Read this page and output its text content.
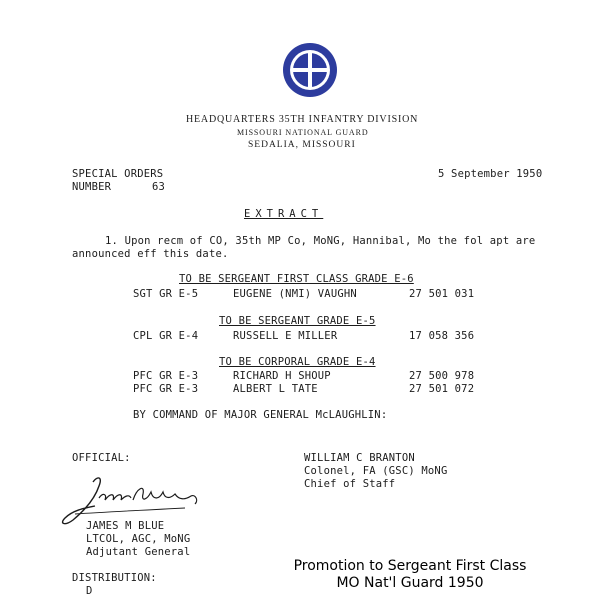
HEADQUARTERS 35TH INFANTRY DIVISION
MISSOURI NATIONAL GUARD
SEDALIA, MISSOURI
SPECIAL ORDERS
NUMBER	63
5 September 1950
EXTRACT
1. Upon recm of CO, 35th MP Co, MoNG, Hannibal, Mo the fol apt are
announced eff this date.
TO BE SERGEANT FIRST CLASS GRADE E-6
SGT GR E-5	EUGENE (NMI) VAUGHN	27 501 031
TO BE SERGEANT GRADE E-5
CPL GR E-4	RUSSELL E MILLER	17 058 356
TO BE CORPORAL GRADE E-4
PFC GR E-3	RICHARD H SHOUP	27 500 978
PFC GR E-3	ALBERT L TATE	27 501 072
BY COMMAND OF MAJOR GENERAL McLAUGHLIN:
OFFICIAL:	WILLIAM C BRANTON
Colonel, FA (GSC) MoNG
Chief of Staff
JAMES M BLUE
LTCOL, AGC, MoNG
Adjutant General
DISTRIBUTION:
D
Promotion to Sergeant First Class
MO Nat'l Guard 1950
